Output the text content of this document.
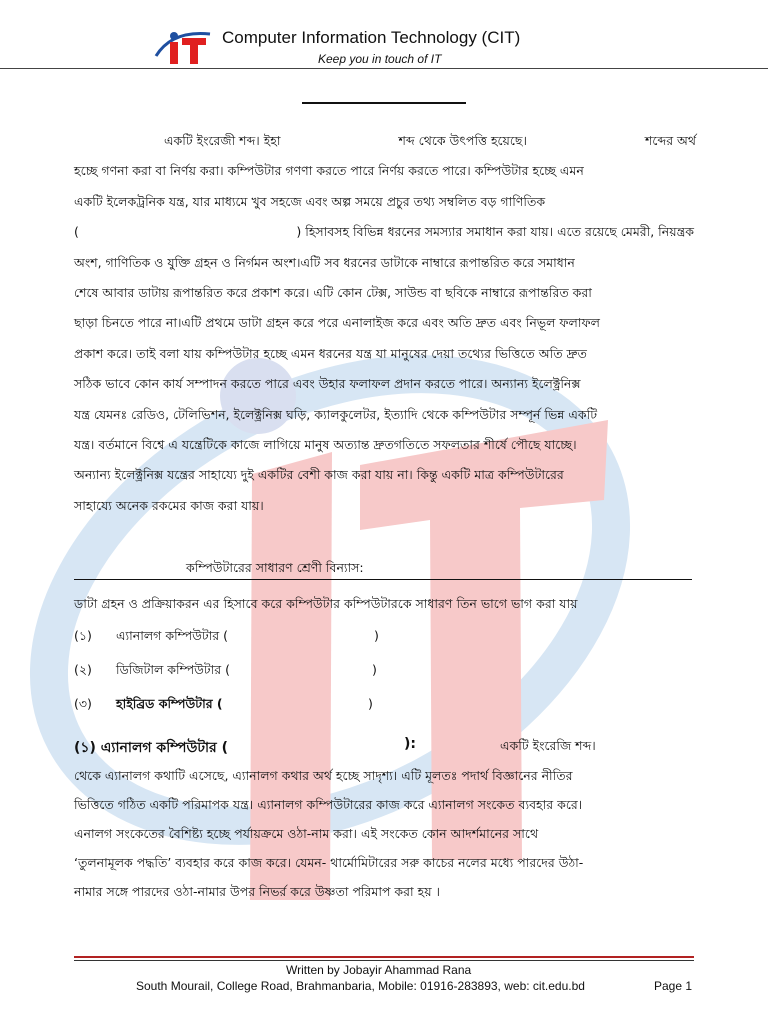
Computer Information Technology (CIT)
Keep you in touch of IT
একটি ইংরেজী শব্দ। ইহা	শব্দ থেকে উৎপত্তি হয়েছে।	শব্দের অর্থ
হচ্ছে গণনা করা বা নির্ণয় করা। কম্পিউটার গণণা করতে পারে নির্ণয় করতে পারে। কম্পিউটার হচ্ছে এমন
একটি ইলেকট্রনিক যন্ত্র, যার মাধ্যমে খুব সহজে এবং অল্প সময়ে প্রচুর তথ্য সম্বলিত বড় গাণিতিক
(	) হিসাবসহ বিভিন্ন ধরনের সমস্যার সমাধান করা যায়। এতে রয়েছে মেমরী, নিয়ন্ত্রক
অংশ, গাণিতিক ও যুক্তি গ্রহন ও নির্গমন অংশ।এটি সব ধরনের ডাটাকে নাম্বারে রূপান্তরিত করে সমাধান
শেষে আবার ডাটায় রূপান্তরিত করে প্রকাশ করে। এটি কোন টেক্স, সাউন্ড বা ছবিকে নাম্বারে রূপান্তরিত করা
ছাড়া চিনতে পারে না।এটি প্রথমে ডাটা গ্রহন করে পরে এনালাইজ করে এবং অতি দ্রুত এবং নিভূল ফলাফল
প্রকাশ করে। তাই বলা যায় কম্পিউটার হচ্ছে এমন ধরনের যন্ত্র যা মানুষের দেয়া তথ্যের ভিত্তিতে অতি দ্রুত
সঠিক ভাবে কোন কার্য সম্পাদন করতে পারে এবং উহার ফলাফল প্রদান করতে পারে। অন্যান্য ইলেক্ট্রনিক্স
যন্ত্র যেমনঃ রেডিও, টেলিভিশন, ইলেক্ট্রনিক্স ঘড়ি, ক্যালকুলেটর, ইত্যাদি থেকে কম্পিউটার সম্পূর্ন ভিন্ন একটি
যন্ত্র। বর্তমানে বিশ্বে এ যন্ত্রেটিকে কাজে লাগিয়ে মানুষ অত্যান্ত দ্রুতগতিতে সফলতার শীর্ষে পৌছে যাচ্ছে।
অন্যান্য ইলেক্ট্রনিক্স যন্ত্রের সাহায্যে দুই একটির বেশী কাজ করা যায় না। কিন্তু একটি মাত্র কম্পিউটারের
সাহায্যে অনেক রকমের কাজ করা যায়।
কম্পিউটারের সাধারণ শ্রেণী বিন্যাস:
ডাটা গ্রহন ও প্রক্রিয়াকরন এর হিসাবে করে কম্পিউটার কম্পিউটারকে সাধারণ তিন ভাগে ভাগ করা যায়
(১) এ্যানালগ কম্পিউটার (	)
(২) ডিজিটাল কম্পিউটার (	)
(৩) হাইব্রিড কম্পিউটার (	)
(১) এ্যানালগ কম্পিউটার (	):	একটি ইংরেজি শব্দ।
থেকে এ্যানালগ কথাটি এসেছে, এ্যানালগ কথার অর্থ হচ্ছে সাদৃশ্য। এটি মূলতঃ পদার্থ বিজ্ঞানের নীতির
ভিত্তিতে গঠিত একটি পরিমাপক যন্ত্র। এ্যানালগ কম্পিউটারের কাজ করে এ্যানালগ সংকেত ব্যবহার করে।
এনালগ সংকেতের বৈশিষ্ট্য হচ্ছে পর্যায়ক্রমে ওঠা-নাম করা। এই সংকেত কোন আদর্শমানের সাথে
‘তুলনামূলক পদ্ধতি’ ব্যবহার করে কাজ করে। যেমন- থার্মোমিটারের সরু কাচের নলের মধ্যে পারদের উঠা-
নামার সঙ্গে পারদের ওঠা-নামার উপর নিভর্র করে উষ্ণতা পরিমাপ করা হয় ।
Written by Jobayir Ahammad Rana
South Mourail, College Road, Brahmanbaria, Mobile: 01916-283893, web: cit.edu.bd	Page 1
